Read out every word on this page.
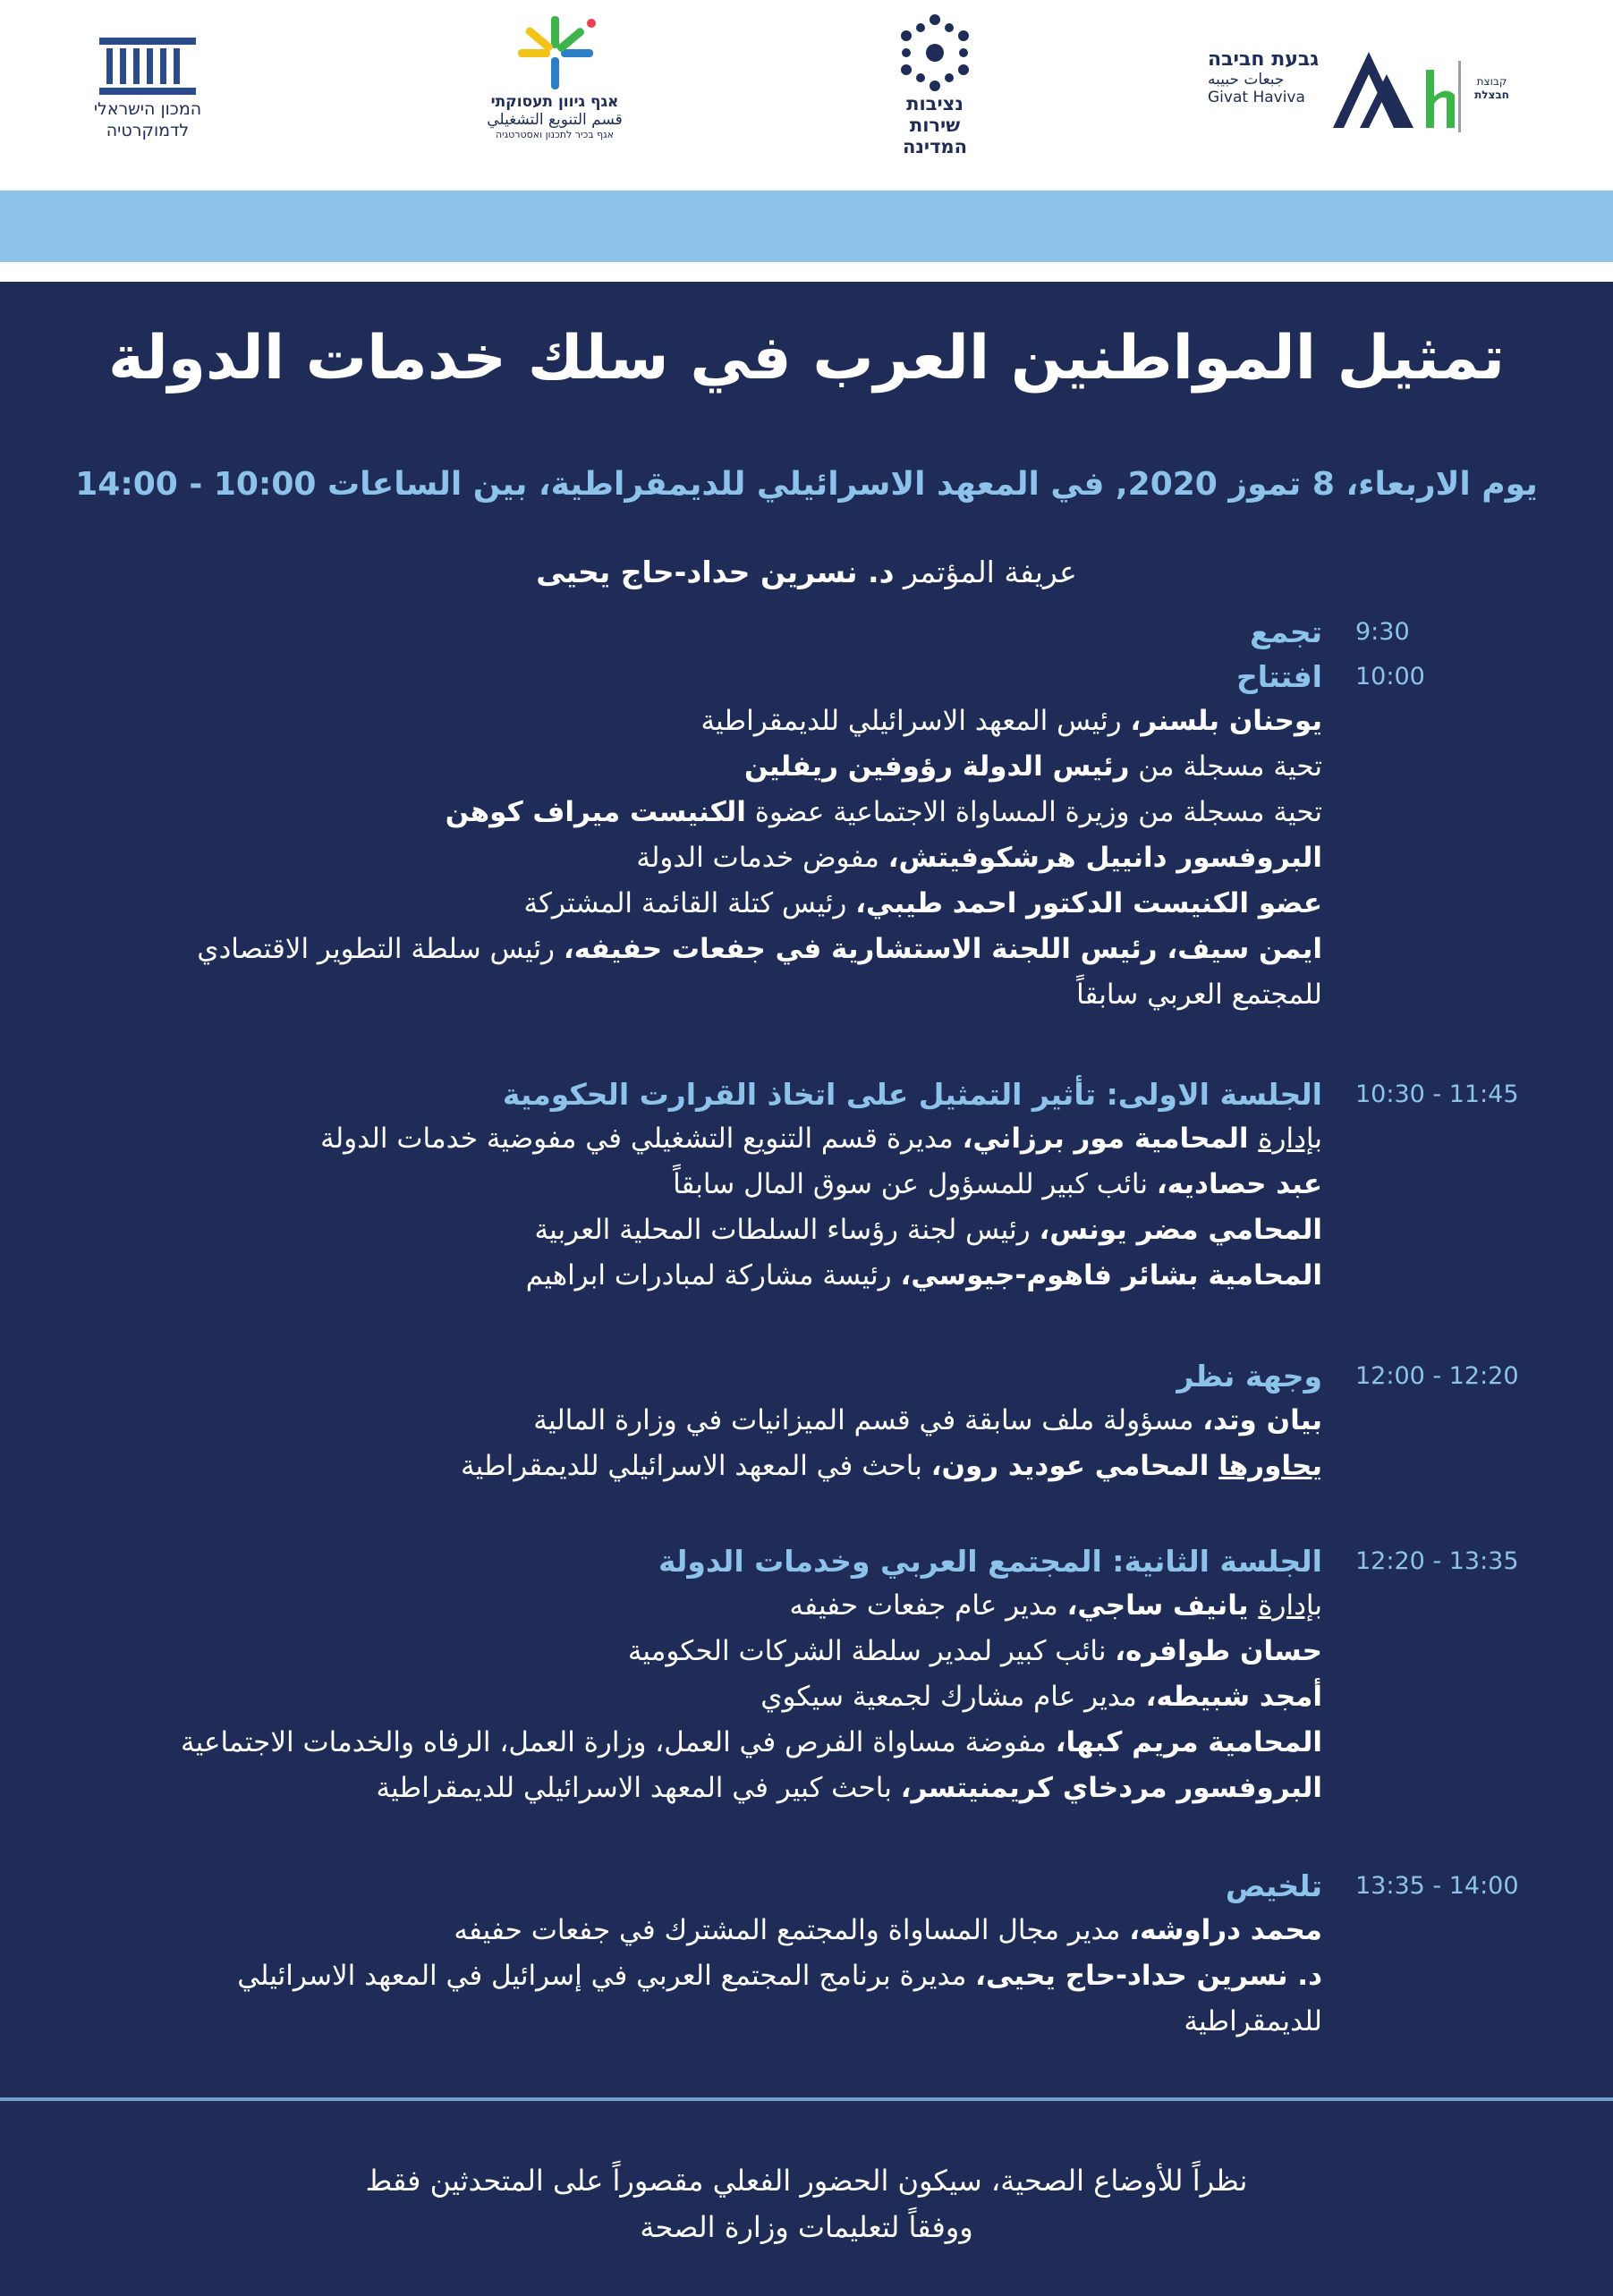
המכון הישראלי
לדמוקרטיה
אגף גיוון תעסוקתי
قسم التنويع التشغيلي
אגף בכיר לתכנון ואסטרטגיה
נציבות
שירות
המדינה
גבעת חביבה
جبعات حبيبه
Givat Haviva
קבוצת
חבצלת
تمثيل المواطنين العرب في سلك خدمات الدولة
يوم الاربعاء، 8 تموز 2020, في المعهد الاسرائيلي للديمقراطية، بين الساعات 10:00 - 14:00
عريفة المؤتمر د. نسرين حداد-حاج يحيى
تجمع 9:30
افتتاح 10:00
يوحنان بلسنر، رئيس المعهد الاسرائيلي للديمقراطية
تحية مسجلة من رئيس الدولة رؤوفين ريفلين
تحية مسجلة من وزيرة المساواة الاجتماعية عضوة الكنيست ميراف كوهن
البروفسور دانييل هرشكوفيتش، مفوض خدمات الدولة
عضو الكنيست الدكتور احمد طيبي، رئيس كتلة القائمة المشتركة
ايمن سيف، رئيس اللجنة الاستشارية في جفعات حفيفه، رئيس سلطة التطوير الاقتصادي للمجتمع العربي سابقاً
الجلسة الاولى: تأثير التمثيل على اتخاذ القرارت الحكومية 10:30 - 11:45
بإدارة المحامية مور برزاني، مديرة قسم التنويع التشغيلي في مفوضية خدمات الدولة
عبد حصاديه، نائب كبير للمسؤول عن سوق المال سابقاً
المحامي مضر يونس، رئيس لجنة رؤساء السلطات المحلية العربية
المحامية بشائر فاهوم-جيوسي، رئيسة مشاركة لمبادرات ابراهيم
وجهة نظر 12:00 - 12:20
بيان وتد، مسؤولة ملف سابقة في قسم الميزانيات في وزارة المالية
يحاورها المحامي عوديد رون، باحث في المعهد الاسرائيلي للديمقراطية
الجلسة الثانية: المجتمع العربي وخدمات الدولة 12:20 - 13:35
بإدارة يانيف ساجي، مدير عام جفعات حفيفه
حسان طوافره، نائب كبير لمدير سلطة الشركات الحكومية
أمجد شبيطه، مدير عام مشارك لجمعية سيكوي
المحامية مريم كبها، مفوضة مساواة الفرص في العمل، وزارة العمل، الرفاه والخدمات الاجتماعية
البروفسور مردخاي كريمنيتسر، باحث كبير في المعهد الاسرائيلي للديمقراطية
تلخيص 13:35 - 14:00
محمد دراوشه، مدير مجال المساواة والمجتمع المشترك في جفعات حفيفه
د. نسرين حداد-حاج يحيى، مديرة برنامج المجتمع العربي في إسرائيل في المعهد الاسرائيلي للديمقراطية
نظراً للأوضاع الصحية، سيكون الحضور الفعلي مقصوراً على المتحدثين فقط
ووفقاً لتعليمات وزارة الصحة
